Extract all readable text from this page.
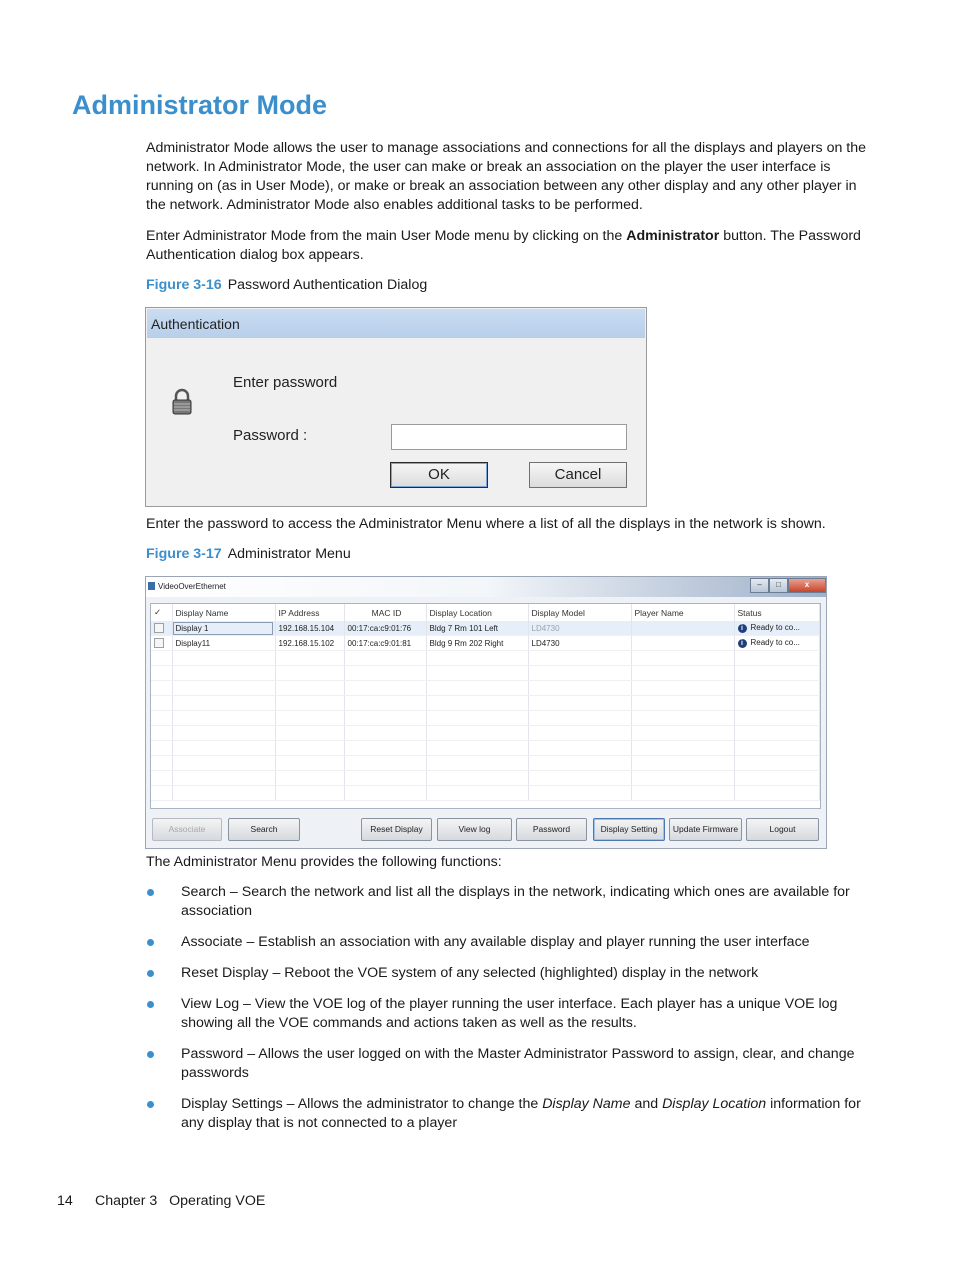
Administrator Mode

Administrator Mode allows the user to manage associations and connections for all the displays and players on the network. In Administrator Mode, the user can make or break an association on the player the user interface is running on (as in User Mode), or make or break an association between any other display and any other player in the network. Administrator Mode also enables additional tasks to be performed.

Enter Administrator Mode from the main User Mode menu by clicking on the Administrator button. The Password Authentication dialog box appears.

Figure 3-16 Password Authentication Dialog

Authentication
Enter password
Password :
OK	Cancel

Enter the password to access the Administrator Menu where a list of all the displays in the network is shown.

Figure 3-17 Administrator Menu

VideoOverEthernet	–	□	x
✓	Display Name	IP Address	MAC ID	Display Location	Display Model	Player Name	Status
	Display 1	192.168.15.104	00:17:ca:c9:01:76	Bldg 7 Rm 101 Left	LD4730		i Ready to co...
	Display11	192.168.15.102	00:17:ca:c9:01:81	Bldg 9 Rm 202 Right	LD4730		i Ready to co...

Associate	Search	Reset Display	View log	Password	Display Setting	Update Firmware	Logout

The Administrator Menu provides the following functions:

Search – Search the network and list all the displays in the network, indicating which ones are available for association
Associate – Establish an association with any available display and player running the user interface
Reset Display – Reboot the VOE system of any selected (highlighted) display in the network
View Log – View the VOE log of the player running the user interface. Each player has a unique VOE log showing all the VOE commands and actions taken as well as the results.
Password – Allows the user logged on with the Master Administrator Password to assign, clear, and change passwords
Display Settings – Allows the administrator to change the Display Name and Display Location information for any display that is not connected to a player
14 Chapter 3   Operating VOE
